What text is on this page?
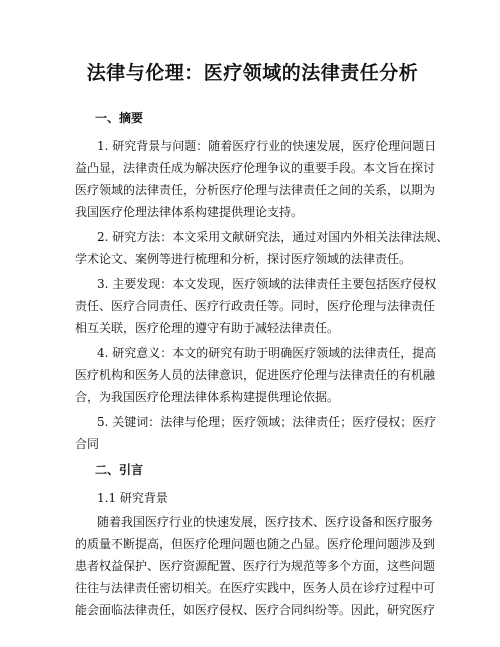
法律与伦理：医疗领域的法律责任分析
一、摘要
1. 研究背景与问题：随着医疗行业的快速发展，医疗伦理问题日
益凸显，法律责任成为解决医疗伦理争议的重要手段。本文旨在探讨
医疗领域的法律责任，分析医疗伦理与法律责任之间的关系，以期为
我国医疗伦理法律体系构建提供理论支持。
2. 研究方法：本文采用文献研究法，通过对国内外相关法律法规、
学术论文、案例等进行梳理和分析，探讨医疗领域的法律责任。
3. 主要发现：本文发现，医疗领域的法律责任主要包括医疗侵权
责任、医疗合同责任、医疗行政责任等。同时，医疗伦理与法律责任
相互关联，医疗伦理的遵守有助于减轻法律责任。
4. 研究意义：本文的研究有助于明确医疗领域的法律责任，提高
医疗机构和医务人员的法律意识，促进医疗伦理与法律责任的有机融
合，为我国医疗伦理法律体系构建提供理论依据。
5. 关键词：法律与伦理；医疗领域；法律责任；医疗侵权；医疗
合同
二、引言
1.1 研究背景
随着我国医疗行业的快速发展，医疗技术、医疗设备和医疗服务
的质量不断提高，但医疗伦理问题也随之凸显。医疗伦理问题涉及到
患者权益保护、医疗资源配置、医疗行为规范等多个方面，这些问题
往往与法律责任密切相关。在医疗实践中，医务人员在诊疗过程中可
能会面临法律责任，如医疗侵权、医疗合同纠纷等。因此，研究医疗
